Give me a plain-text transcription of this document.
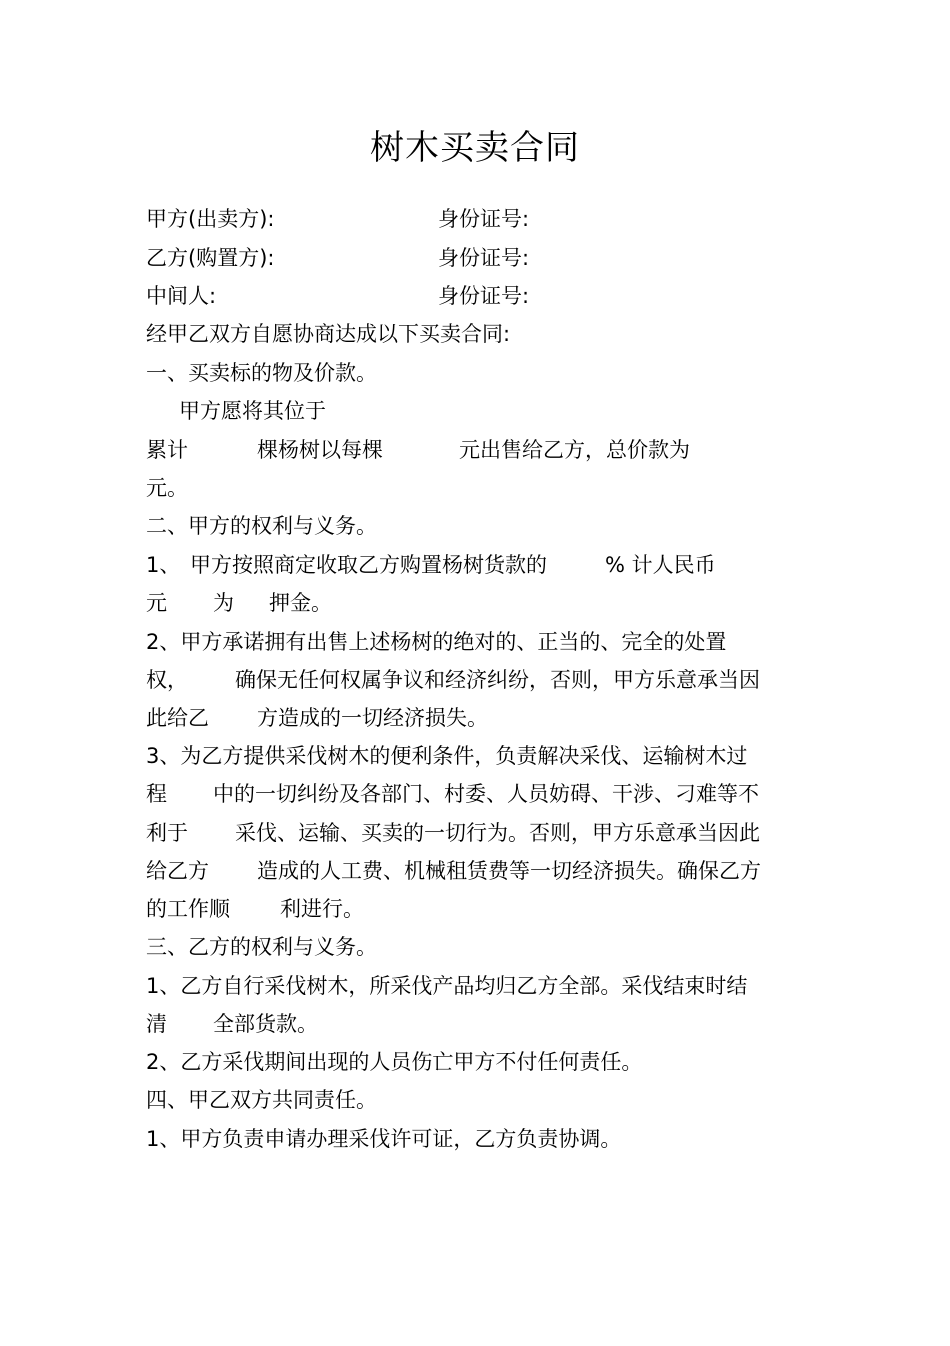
树木买卖合同
甲方(出卖方):	身份证号:
乙方(购置方):	身份证号:
中间人:	身份证号:
经甲乙双方自愿协商达成以下买卖合同:
一、买卖标的物及价款。
甲方愿将其位于
累计	棵杨树以每棵	元出售给乙方，总价款为
元。
二、甲方的权利与义务。
1、 甲方按照商定收取乙方购置杨树货款的	% 计人民币
元 为 押金。
2、甲方承诺拥有出售上述杨树的绝对的、正当的、完全的处置
权， 确保无任何权属争议和经济纠纷，否则，甲方乐意承当因
此给乙 方造成的一切经济损失。
3、为乙方提供采伐树木的便利条件，负责解决采伐、运输树木过
程 中的一切纠纷及各部门、村委、人员妨碍、干涉、刁难等不
利于 采伐、运输、买卖的一切行为。否则，甲方乐意承当因此
给乙方 造成的人工费、机械租赁费等一切经济损失。确保乙方
的工作顺 利进行。
三、乙方的权利与义务。
1、乙方自行采伐树木，所采伐产品均归乙方全部。采伐结束时结
清 全部货款。
2、乙方采伐期间出现的人员伤亡甲方不付任何责任。
四、甲乙双方共同责任。
1、甲方负责申请办理采伐许可证，乙方负责协调。
